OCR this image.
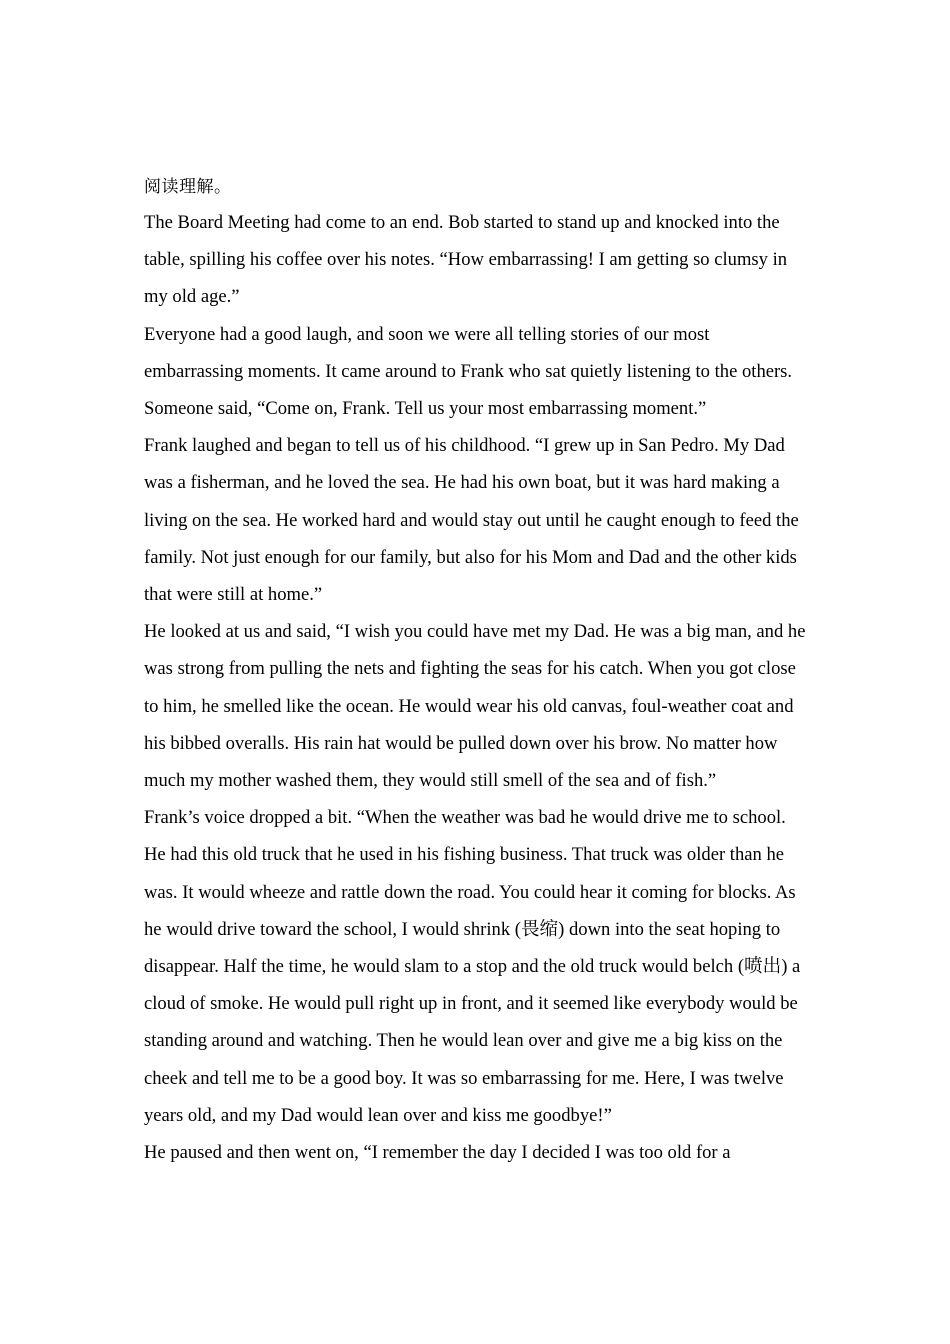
阅读理解。

The Board Meeting had come to an end. Bob started to stand up and knocked into the table, spilling his coffee over his notes. “How embarrassing! I am getting so clumsy in my old age.”

Everyone had a good laugh, and soon we were all telling stories of our most embarrassing moments. It came around to Frank who sat quietly listening to the others. Someone said, “Come on, Frank. Tell us your most embarrassing moment.”

Frank laughed and began to tell us of his childhood. “I grew up in San Pedro. My Dad was a fisherman, and he loved the sea. He had his own boat, but it was hard making a living on the sea. He worked hard and would stay out until he caught enough to feed the family. Not just enough for our family, but also for his Mom and Dad and the other kids that were still at home.”

He looked at us and said, “I wish you could have met my Dad. He was a big man, and he was strong from pulling the nets and fighting the seas for his catch. When you got close to him, he smelled like the ocean. He would wear his old canvas, foul-weather coat and his bibbed overalls. His rain hat would be pulled down over his brow. No matter how much my mother washed them, they would still smell of the sea and of fish.”

Frank’s voice dropped a bit. “When the weather was bad he would drive me to school. He had this old truck that he used in his fishing business. That truck was older than he was. It would wheeze and rattle down the road. You could hear it coming for blocks. As he would drive toward the school, I would shrink (畏缩) down into the seat hoping to disappear. Half the time, he would slam to a stop and the old truck would belch (喷出) a cloud of smoke. He would pull right up in front, and it seemed like everybody would be standing around and watching. Then he would lean over and give me a big kiss on the cheek and tell me to be a good boy. It was so embarrassing for me. Here, I was twelve years old, and my Dad would lean over and kiss me goodbye!”

He paused and then went on, “I remember the day I decided I was too old for a
